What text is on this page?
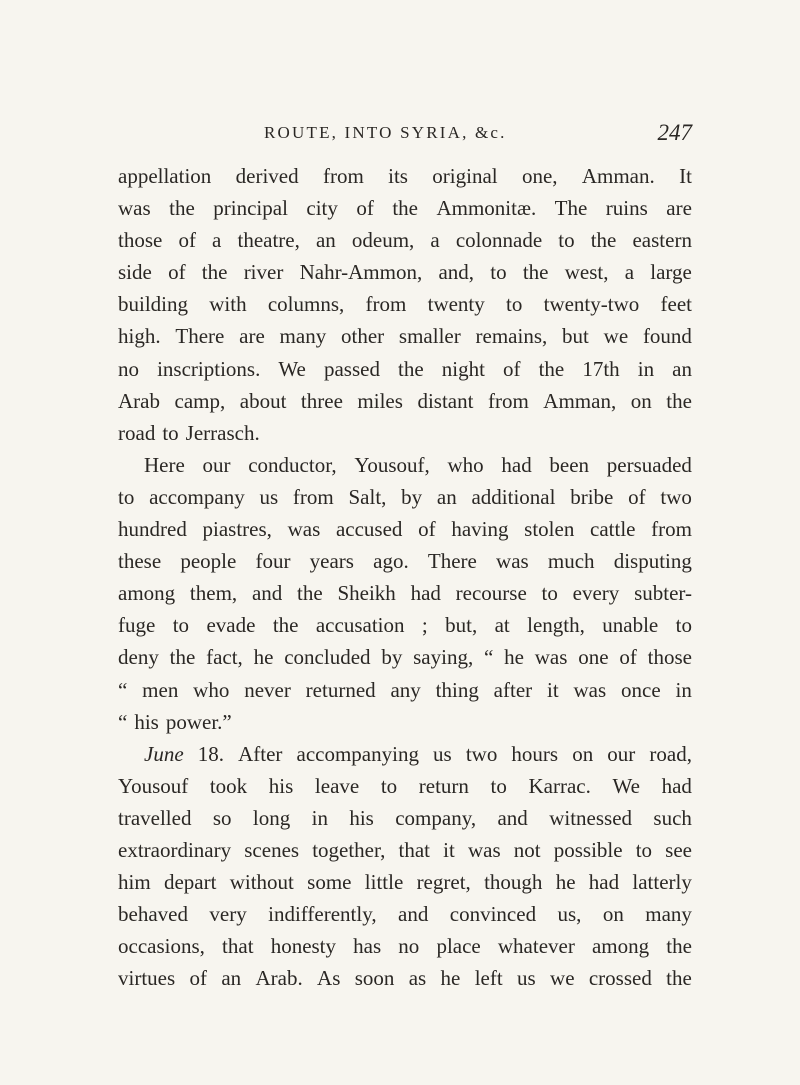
ROUTE, INTO SYRIA, &c.	247
appellation derived from its original one, Amman. It
was the principal city of the Ammonitæ. The ruins are
those of a theatre, an odeum, a colonnade to the eastern
side of the river Nahr-Ammon, and, to the west, a large
building with columns, from twenty to twenty-two feet
high. There are many other smaller remains, but we found
no inscriptions. We passed the night of the 17th in an
Arab camp, about three miles distant from Amman, on the
road to Jerrasch.
Here our conductor, Yousouf, who had been persuaded
to accompany us from Salt, by an additional bribe of two
hundred piastres, was accused of having stolen cattle from
these people four years ago. There was much disputing
among them, and the Sheikh had recourse to every subter-
fuge to evade the accusation ; but, at length, unable to
deny the fact, he concluded by saying, “ he was one of those
“ men who never returned any thing after it was once in
“ his power.”
June 18. After accompanying us two hours on our road,
Yousouf took his leave to return to Karrac. We had
travelled so long in his company, and witnessed such
extraordinary scenes together, that it was not possible to see
him depart without some little regret, though he had latterly
behaved very indifferently, and convinced us, on many
occasions, that honesty has no place whatever among the
virtues of an Arab. As soon as he left us we crossed the
